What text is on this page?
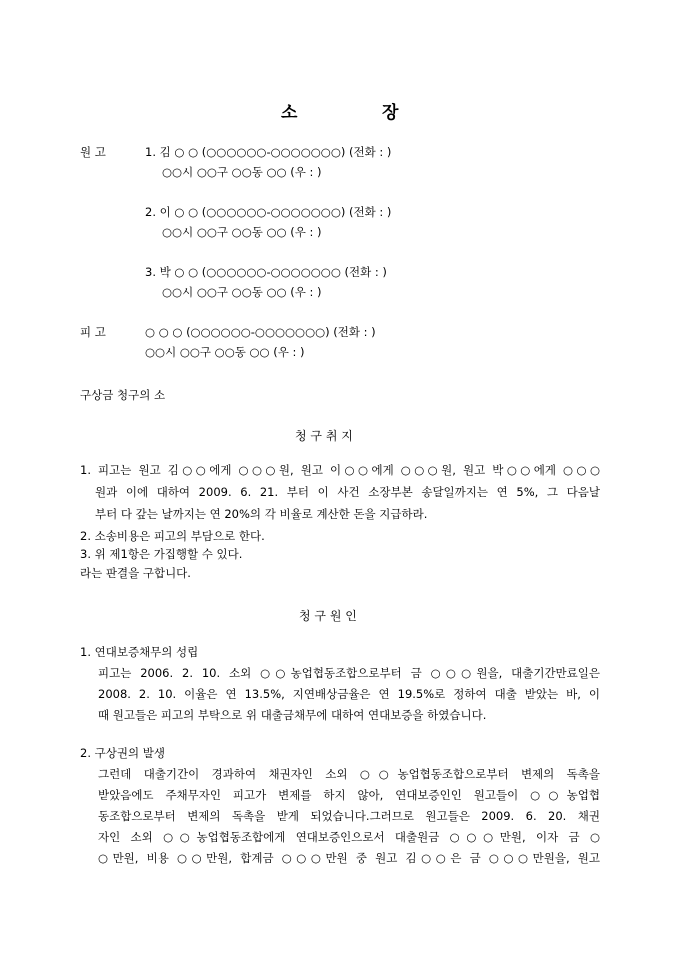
소	장
원 고	1. 김 ○ ○ (○○○○○○-○○○○○○○) (전화 : )
○○시 ○○구 ○○동 ○○ (우 : )
2. 이 ○ ○ (○○○○○○-○○○○○○○) (전화 : )
○○시 ○○구 ○○동 ○○ (우 : )
3. 박 ○ ○ (○○○○○○-○○○○○○○ (전화 : )
○○시 ○○구 ○○동 ○○ (우 : )
피 고	○ ○ ○ (○○○○○○-○○○○○○○) (전화 : )
○○시 ○○구 ○○동 ○○ (우 : )
구상금 청구의 소
청 구 취 지
1. 피고는 원고 김○○에게 ○○○원, 원고 이○○에게 ○○○원, 원고 박○○에게 ○○○
원과 이에 대하여 2009. 6. 21. 부터 이 사건 소장부본 송달일까지는 연 5%, 그 다음날
부터 다 갚는 날까지는 연 20%의 각 비율로 계산한 돈을 지급하라.
2. 소송비용은 피고의 부담으로 한다.
3. 위 제1항은 가집행할 수 있다.
라는 판결을 구합니다.
청 구 원 인
1. 연대보증채무의 성립
피고는 2006. 2. 10. 소외 ○○농업협동조합으로부터 금 ○○○원을, 대출기간만료일은
2008. 2. 10. 이율은 연 13.5%, 지연배상금율은 연 19.5%로 정하여 대출 받았는 바, 이
때 원고들은 피고의 부탁으로 위 대출금채무에 대하여 연대보증을 하였습니다.
2. 구상권의 발생
그런데 대출기간이 경과하여 채권자인 소외 ○○농업협동조합으로부터 변제의 독촉을
받았음에도 주채무자인 피고가 변제를 하지 않아, 연대보증인인 원고들이 ○○농업협
동조합으로부터 변제의 독촉을 받게 되었습니다.그러므로 원고들은 2009. 6. 20. 채권
자인 소외 ○○농업협동조합에게 연대보증인으로서 대출원금 ○○○만원, 이자 금 ○
○만원, 비용 ○○만원, 합계금 ○○○만원 중 원고 김○○은 금 ○○○만원을, 원고
